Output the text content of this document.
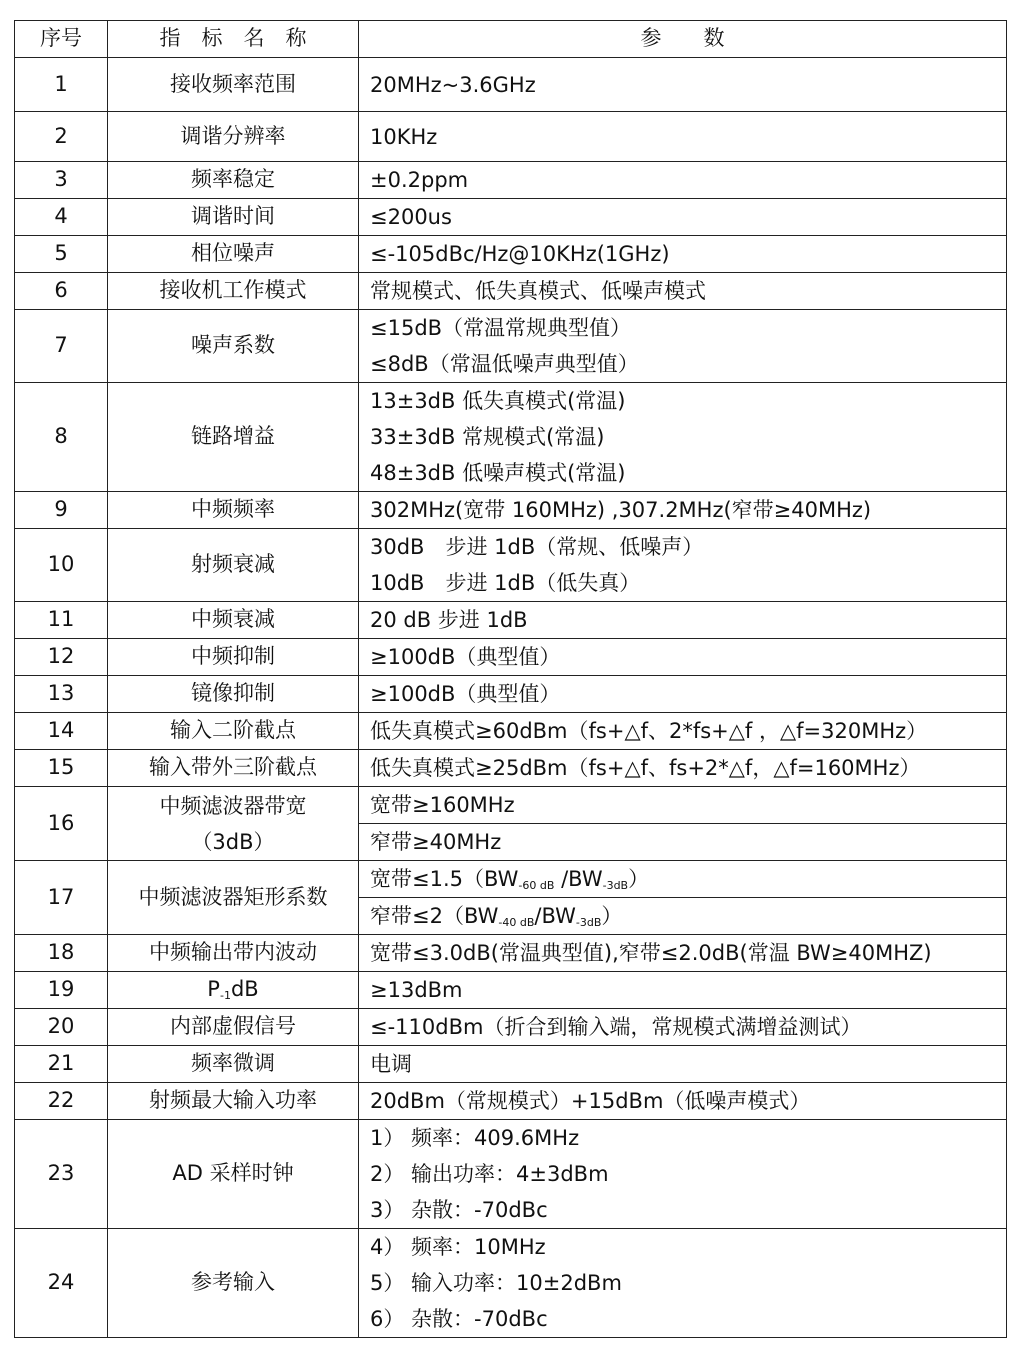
序号	指　标　名　称	参　　数
1	接收频率范围	20MHz~3.6GHz

2	调谐分辨率	10KHz

3	频率稳定	±0.2ppm

4	调谐时间	≤200us

5	相位噪声	≤-105dBc/Hz@10KHz(1GHz)

6	接收机工作模式	常规模式、低失真模式、低噪声模式

7	噪声系数	≤15dB（常温常规典型值）
≤8dB（常温低噪声典型值）

8	链路增益	13±3dB 低失真模式(常温)
33±3dB 常规模式(常温)
48±3dB 低噪声模式(常温)

9	中频频率	302MHz(宽带 160MHz) ,307.2MHz(窄带≥40MHz)

10	射频衰减	30dB　步进 1dB（常规、低噪声）
10dB　步进 1dB（低失真）

11	中频衰减	20 dB 步进 1dB

12	中频抑制	≥100dB（典型值）

13	镜像抑制	≥100dB（典型值）

14	输入二阶截点	低失真模式≥60dBm（fs+△f、2*fs+△f ，△f=320MHz）

15	输入带外三阶截点	低失真模式≥25dBm（fs+△f、fs+2*△f，△f=160MHz）

16	中频滤波器带宽
（3dB）	宽带≥160MHz

		窄带≥40MHz

17	中频滤波器矩形系数	宽带$\le 1.5(BW_{-60 dB}$ $/BW_{-3dB}$）

		窄带$\le 2(BW_{-40 dB}/BW_{-3dB})$

18	中频输出带内波动	宽带≤3.0dB(常温典型值),窄带≤2.0dB(常温 BW≥40MHZ)

19	$P_{-1}dB$	≥13dBm

20	内部虚假信号	≤-110dBm（折合到输入端，常规模式满增益测试）

21	频率微调	电调

22	射频最大输入功率	20dBm（常规模式）+15dBm（低噪声模式）

23	AD 采样时钟	1） 频率：409.6MHz
2） 输出功率：4±3dBm
3） 杂散：-70dBc

24	参考输入	4） 频率：10MHz
5） 输入功率：10±2dBm
6） 杂散：-70dBc
